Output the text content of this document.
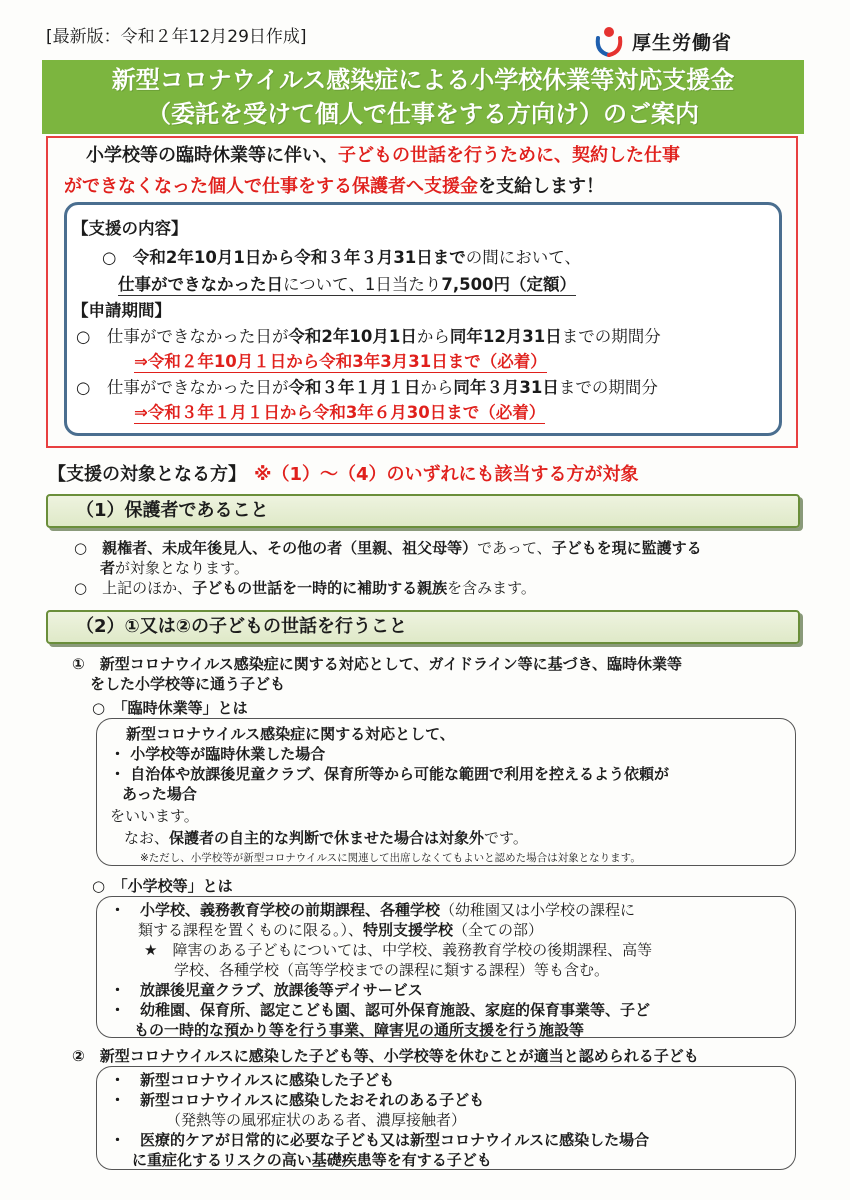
[最新版：令和２年12月29日作成]	厚生労働省
新型コロナウイルス感染症による小学校休業等対応支援金
（委託を受けて個人で仕事をする方向け）のご案内
小学校等の臨時休業等に伴い、子どもの世話を行うために、契約した仕事
ができなくなった個人で仕事をする保護者へ支援金を支給します！
【支援の内容】
○　令和2年10月1日から令和３年３月31日までの間において、
仕事ができなかった日について、1日当たり7,500円（定額）
【申請期間】
○　仕事ができなかった日が令和2年10月1日から同年12月31日までの期間分
⇒令和２年10月１日から令和3年3月31日まで（必着）
○　仕事ができなかった日が令和３年１月１日から同年３月31日までの期間分
⇒令和３年１月１日から令和3年６月30日まで（必着）
【支援の対象となる方】 ※（1）～（4）のいずれにも該当する方が対象
（1）保護者であること
○　親権者、未成年後見人、その他の者（里親、祖父母等）であって、子どもを現に監護する
者が対象となります。
○　上記のほか、子どもの世話を一時的に補助する親族を含みます。
（2）①又は②の子どもの世話を行うこと
①　新型コロナウイルス感染症に関する対応として、ガイドライン等に基づき、臨時休業等
をした小学校等に通う子ども
○　「臨時休業等」とは
新型コロナウイルス感染症に関する対応として、
・ 小学校等が臨時休業した場合
・ 自治体や放課後児童クラブ、保育所等から可能な範囲で利用を控えるよう依頼が
あった場合
をいいます。
なお、保護者の自主的な判断で休ませた場合は対象外です。
※ただし、小学校等が新型コロナウイルスに関連して出席しなくてもよいと認めた場合は対象となります。
○　「小学校等」とは
・　小学校、義務教育学校の前期課程、各種学校（幼稚園又は小学校の課程に
類する課程を置くものに限る。）、特別支援学校（全ての部）
★　障害のある子どもについては、中学校、義務教育学校の後期課程、高等
学校、各種学校（高等学校までの課程に類する課程）等も含む。
・　放課後児童クラブ、放課後等デイサービス
・　幼稚園、保育所、認定こども園、認可外保育施設、家庭的保育事業等、子ど
もの一時的な預かり等を行う事業、障害児の通所支援を行う施設等
②　新型コロナウイルスに感染した子ども等、小学校等を休むことが適当と認められる子ども
・　新型コロナウイルスに感染した子ども
・　新型コロナウイルスに感染したおそれのある子ども
（発熱等の風邪症状のある者、濃厚接触者）
・　医療的ケアが日常的に必要な子ども又は新型コロナウイルスに感染した場合
に重症化するリスクの高い基礎疾患等を有する子ども
